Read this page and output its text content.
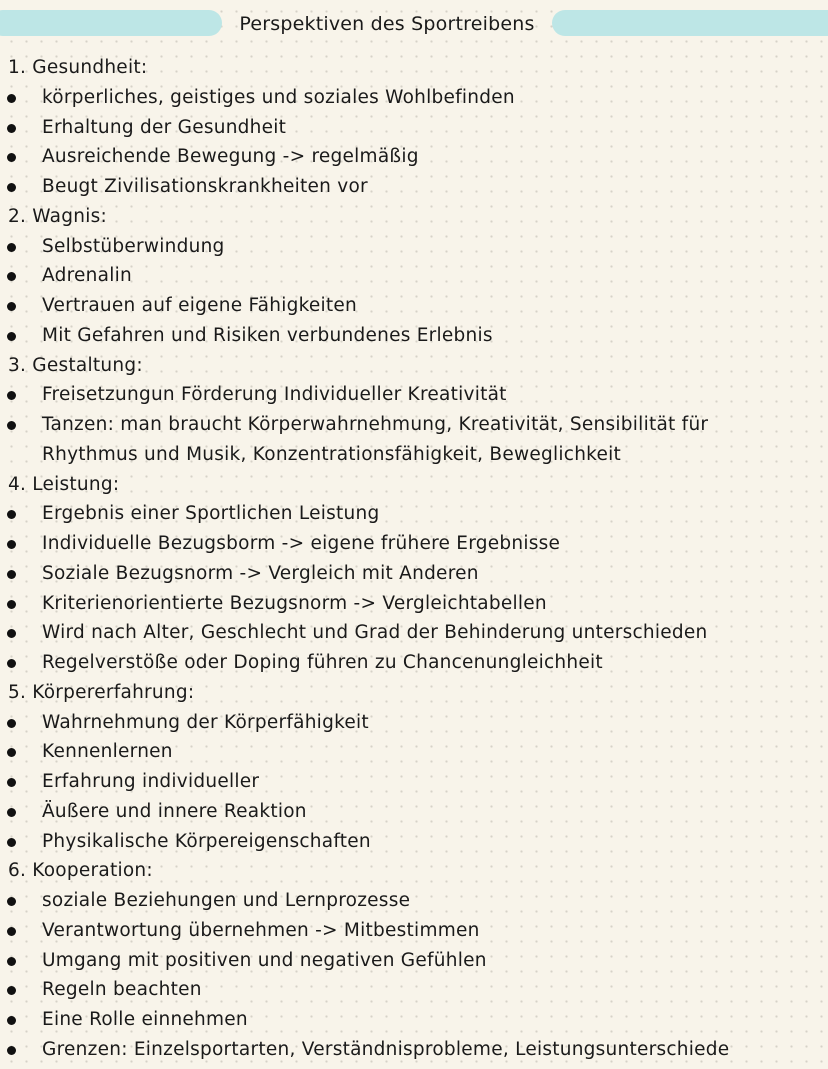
Perspektiven des Sportreibens
1. Gesundheit:
körperliches, geistiges und soziales Wohlbefinden
Erhaltung der Gesundheit
Ausreichende Bewegung -> regelmäßig
Beugt Zivilisationskrankheiten vor
2. Wagnis:
Selbstüberwindung
Adrenalin
Vertrauen auf eigene Fähigkeiten
Mit Gefahren und Risiken verbundenes Erlebnis
3. Gestaltung:
Freisetzungun Förderung Individueller Kreativität
Tanzen: man braucht Körperwahrnehmung, Kreativität, Sensibilität für
Rhythmus und Musik, Konzentrationsfähigkeit, Beweglichkeit
4. Leistung:
Ergebnis einer Sportlichen Leistung
Individuelle Bezugsborm -> eigene frühere Ergebnisse
Soziale Bezugsnorm -> Vergleich mit Anderen
Kriterienorientierte Bezugsnorm -> Vergleichtabellen
Wird nach Alter, Geschlecht und Grad der Behinderung unterschieden
Regelverstöße oder Doping führen zu Chancenungleichheit
5. Körpererfahrung:
Wahrnehmung der Körperfähigkeit
Kennenlernen
Erfahrung individueller
Äußere und innere Reaktion
Physikalische Körpereigenschaften
6. Kooperation:
soziale Beziehungen und Lernprozesse
Verantwortung übernehmen -> Mitbestimmen
Umgang mit positiven und negativen Gefühlen
Regeln beachten
Eine Rolle einnehmen
Grenzen: Einzelsportarten, Verständnisprobleme, Leistungsunterschiede
